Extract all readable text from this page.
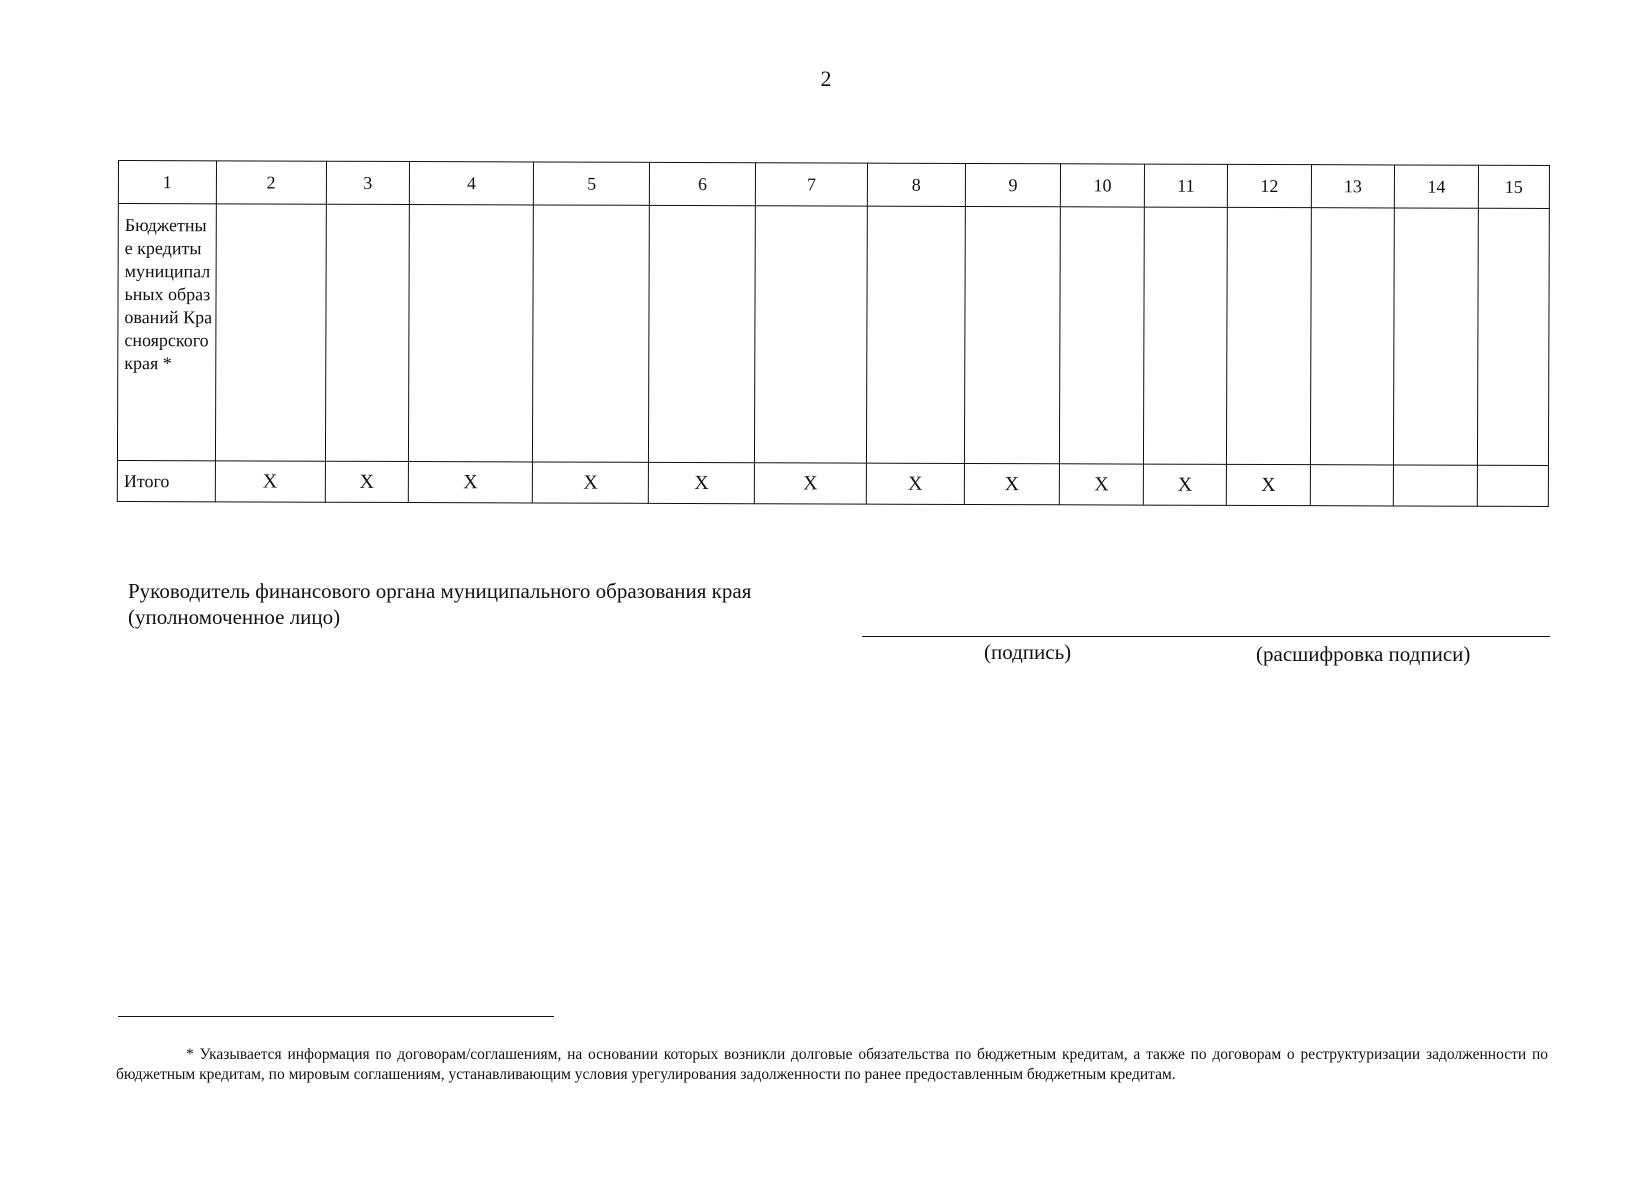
2
1	2	3	4	5	6	7	8	9	10	11	12	13	14	15
Бюджетные кредиты муниципальных образований Красноярского края *														
Итого	Х	Х	Х	Х	Х	Х	Х	Х	Х	Х	Х			
Руководитель финансового органа муниципального образования края
(уполномоченное лицо)
(подпись)	(расшифровка подписи)
* Указывается информация по договорам/соглашениям, на основании которых возникли долговые обязательства по бюджетным кредитам, а также по договорам о реструктуризации задолженности по бюджетным кредитам, по мировым соглашениям, устанавливающим условия урегулирования задолженности по ранее предоставленным бюджетным кредитам.
